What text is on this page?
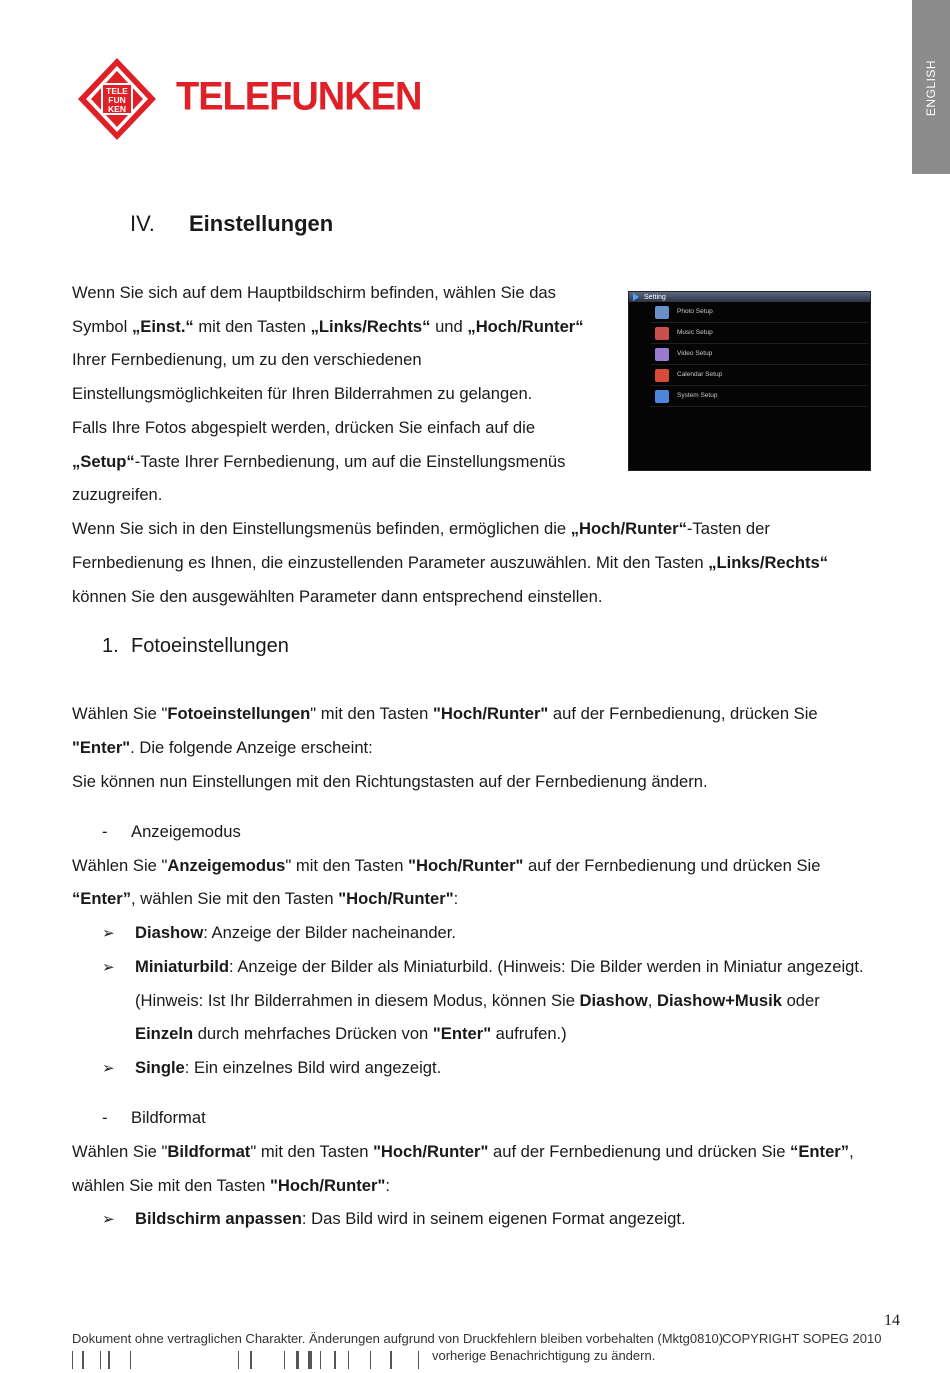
ENGLISH
TELE
FUN
KEN TELEFUNKEN
IV. Einstellungen
Wenn Sie sich auf dem Hauptbildschirm befinden, wählen Sie das
Symbol „Einst.“ mit den Tasten „Links/Rechts“ und „Hoch/Runter“
Ihrer Fernbedienung, um zu den verschiedenen
Einstellungsmöglichkeiten für Ihren Bilderrahmen zu gelangen.
Falls Ihre Fotos abgespielt werden, drücken Sie einfach auf die
„Setup“-Taste Ihrer Fernbedienung, um auf die Einstellungsmenüs
zuzugreifen.
Wenn Sie sich in den Einstellungsmenüs befinden, ermöglichen die „Hoch/Runter“-Tasten der
Fernbedienung es Ihnen, die einzustellenden Parameter auszuwählen. Mit den Tasten „Links/Rechts“
können Sie den ausgewählten Parameter dann entsprechend einstellen.
Setting
Photo Setup
Music Setup
Video Setup
Calendar Setup
System Setup
1. Fotoeinstellungen
Wählen Sie "Fotoeinstellungen" mit den Tasten "Hoch/Runter" auf der Fernbedienung, drücken Sie
"Enter". Die folgende Anzeige erscheint:
Sie können nun Einstellungen mit den Richtungstasten auf der Fernbedienung ändern.
- Anzeigemodus
Wählen Sie "Anzeigemodus" mit den Tasten "Hoch/Runter" auf der Fernbedienung und drücken Sie
“Enter”, wählen Sie mit den Tasten "Hoch/Runter":
➢ Diashow: Anzeige der Bilder nacheinander.
➢ Miniaturbild: Anzeige der Bilder als Miniaturbild. (Hinweis: Die Bilder werden in Miniatur angezeigt.
(Hinweis: Ist Ihr Bilderrahmen in diesem Modus, können Sie Diashow, Diashow+Musik oder
Einzeln durch mehrfaches Drücken von "Enter" aufrufen.)
➢ Single: Ein einzelnes Bild wird angezeigt.
- Bildformat
Wählen Sie "Bildformat" mit den Tasten "Hoch/Runter" auf der Fernbedienung und drücken Sie “Enter”,
wählen Sie mit den Tasten "Hoch/Runter":
➢ Bildschirm anpassen: Das Bild wird in seinem eigenen Format angezeigt.
14
Dokument ohne vertraglichen Charakter. Änderungen aufgrund von Druckfehlern bleiben vorbehalten (Mktg0810)
COPYRIGHT SOPEG 2010
vorherige Benachrichtigung zu ändern.
